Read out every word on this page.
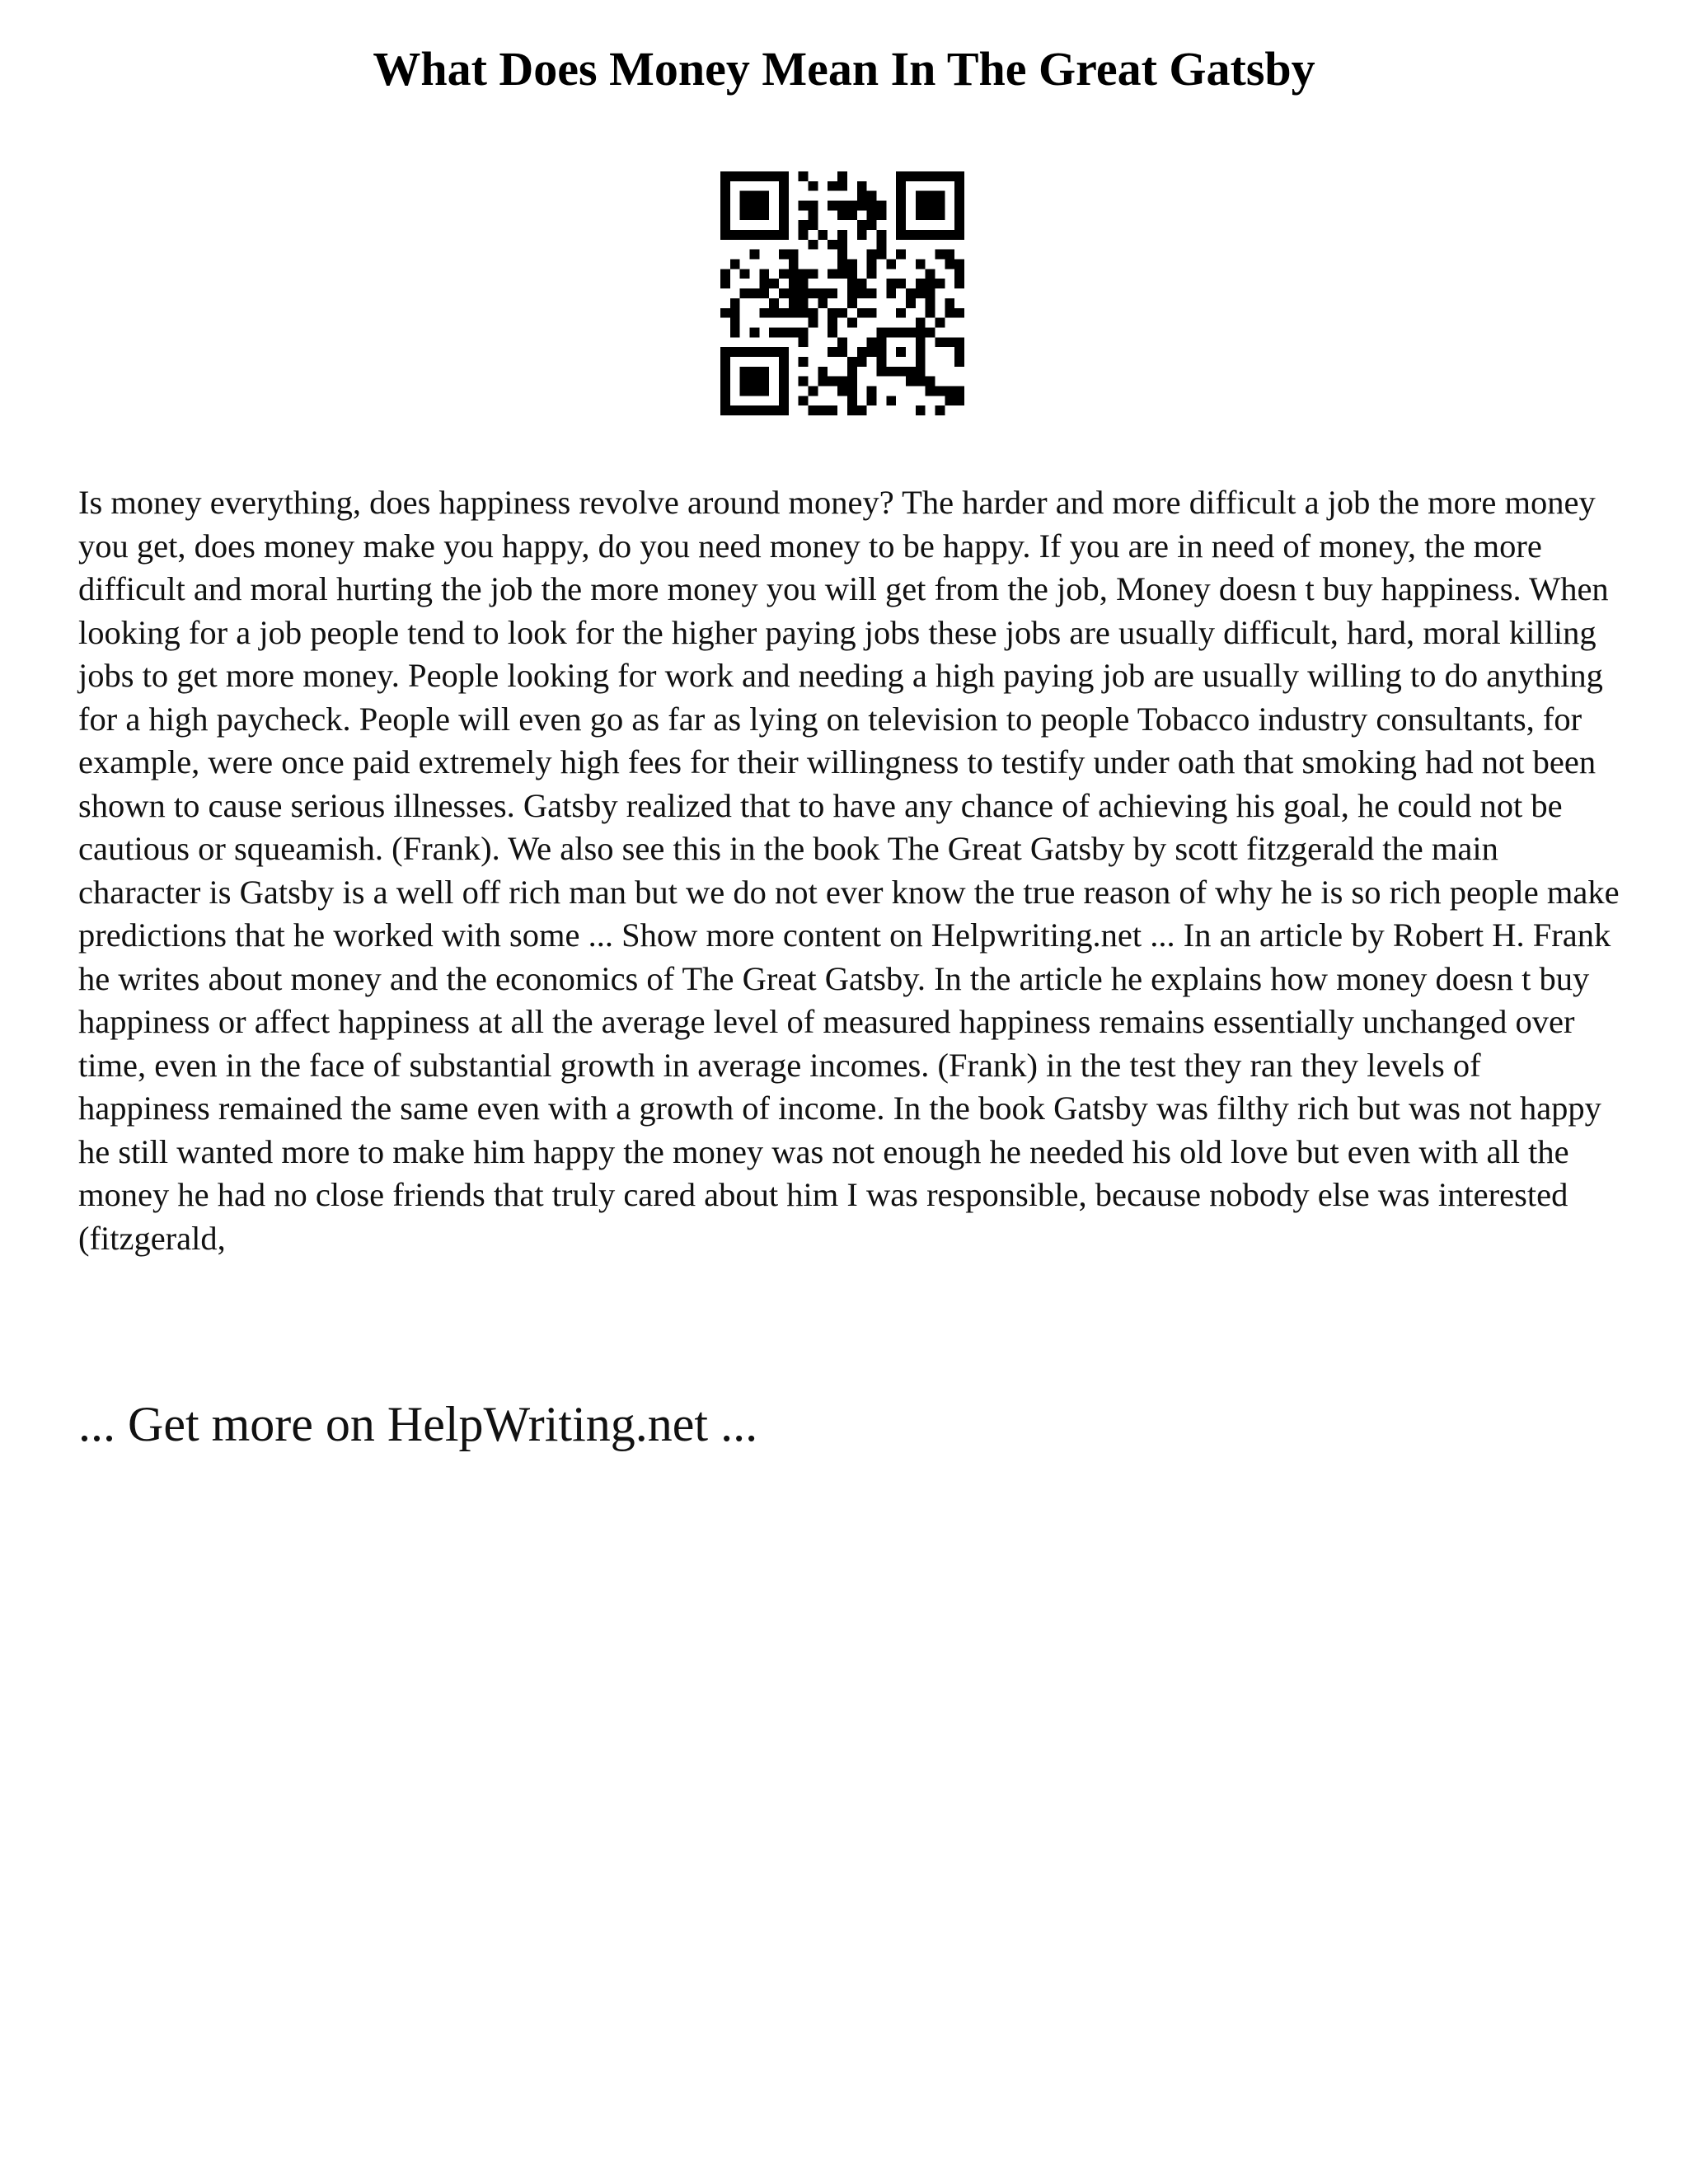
What Does Money Mean In The Great Gatsby

Is money everything, does happiness revolve around money? The harder and more difficult a job the more money you get, does money make you happy, do you need money to be happy. If you are in need of money, the more difficult and moral hurting the job the more money you will get from the job, Money doesn t buy happiness. When looking for a job people tend to look for the higher paying jobs these jobs are usually difficult, hard, moral killing jobs to get more money. People looking for work and needing a high paying job are usually willing to do anything for a high paycheck. People will even go as far as lying on television to people Tobacco industry consultants, for example, were once paid extremely high fees for their willingness to testify under oath that smoking had not been shown to cause serious illnesses. Gatsby realized that to have any chance of achieving his goal, he could not be cautious or squeamish. (Frank). We also see this in the book The Great Gatsby by scott fitzgerald the main character is Gatsby is a well off rich man but we do not ever know the true reason of why he is so rich people make predictions that he worked with some ... Show more content on Helpwriting.net ... In an article by Robert H. Frank he writes about money and the economics of The Great Gatsby. In the article he explains how money doesn t buy happiness or affect happiness at all the average level of measured happiness remains essentially unchanged over time, even in the face of substantial growth in average incomes. (Frank) in the test they ran they levels of happiness remained the same even with a growth of income. In the book Gatsby was filthy rich but was not happy he still wanted more to make him happy the money was not enough he needed his old love but even with all the money he had no close friends that truly cared about him I was responsible, because nobody else was interested (fitzgerald,

... Get more on HelpWriting.net ...
